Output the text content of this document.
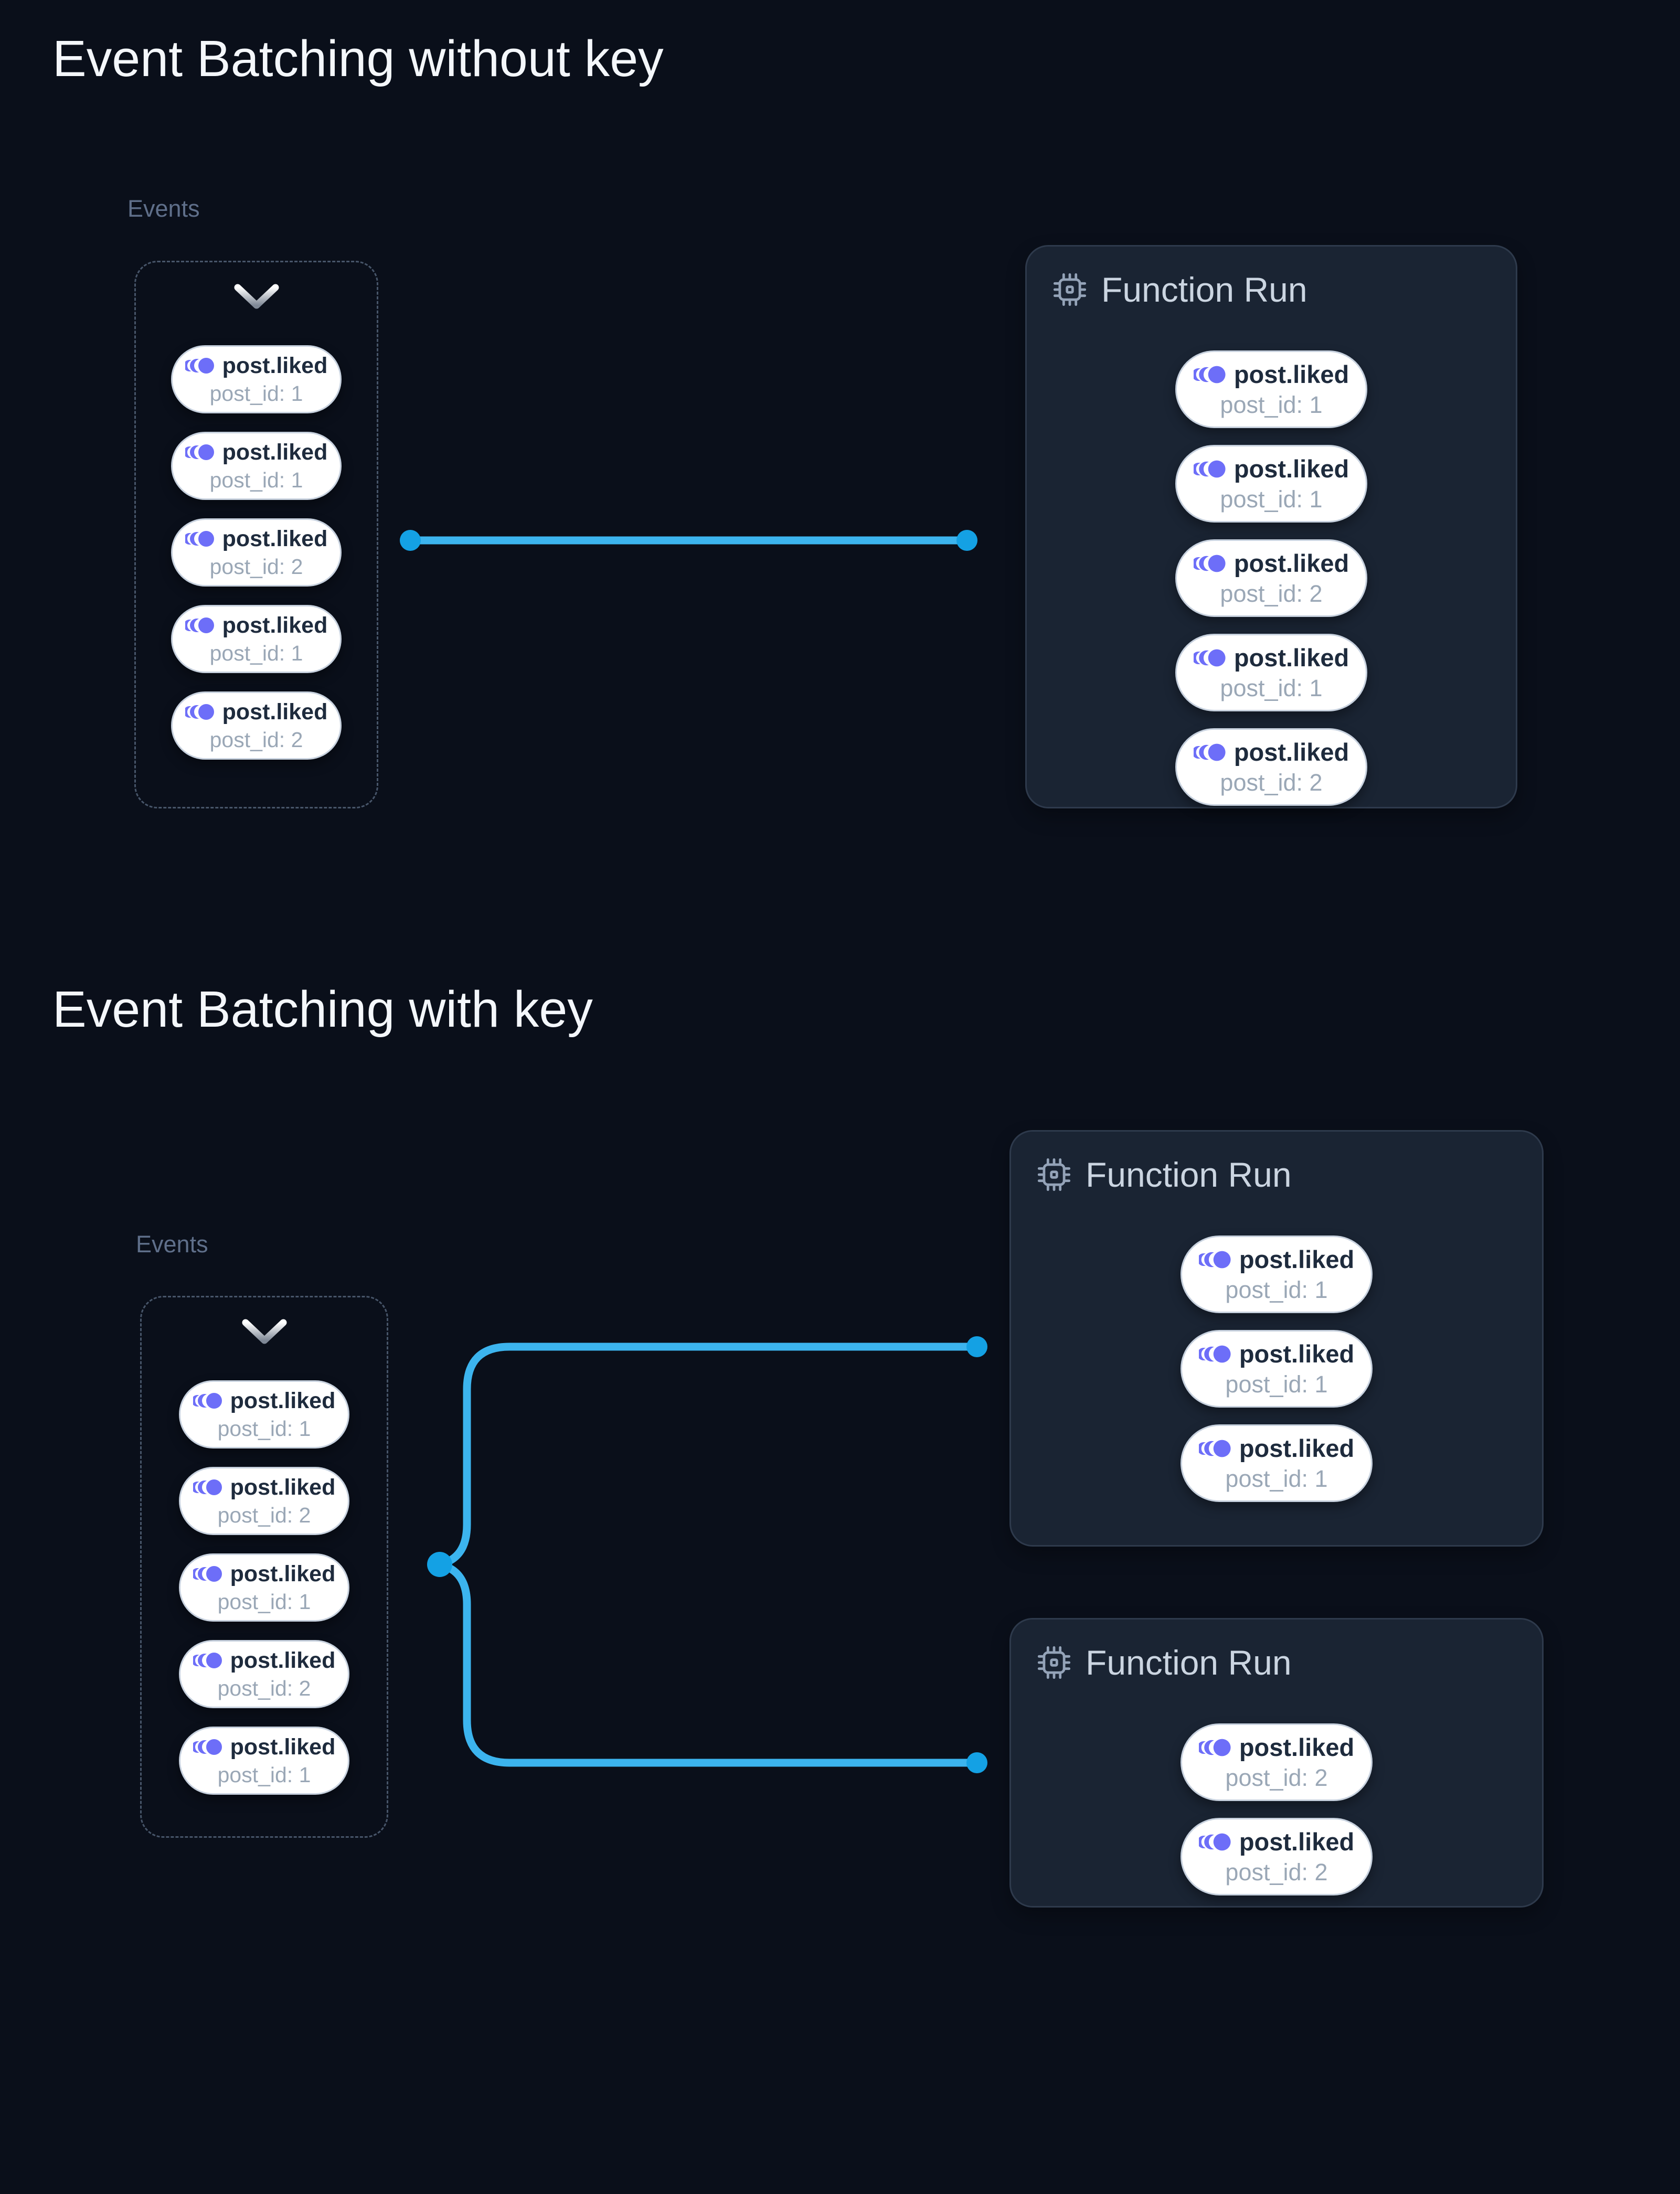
Event Batching without key
Events
post.liked
post_id: 1
post.liked
post_id: 1
post.liked
post_id: 2
post.liked
post_id: 1
post.liked
post_id: 2
Function Run
post.liked
post_id: 1
post.liked
post_id: 1
post.liked
post_id: 2
post.liked
post_id: 1
post.liked
post_id: 2
Event Batching with key
Events
post.liked
post_id: 1
post.liked
post_id: 2
post.liked
post_id: 1
post.liked
post_id: 2
post.liked
post_id: 1
Function Run
post.liked
post_id: 1
post.liked
post_id: 1
post.liked
post_id: 1
Function Run
post.liked
post_id: 2
post.liked
post_id: 2
